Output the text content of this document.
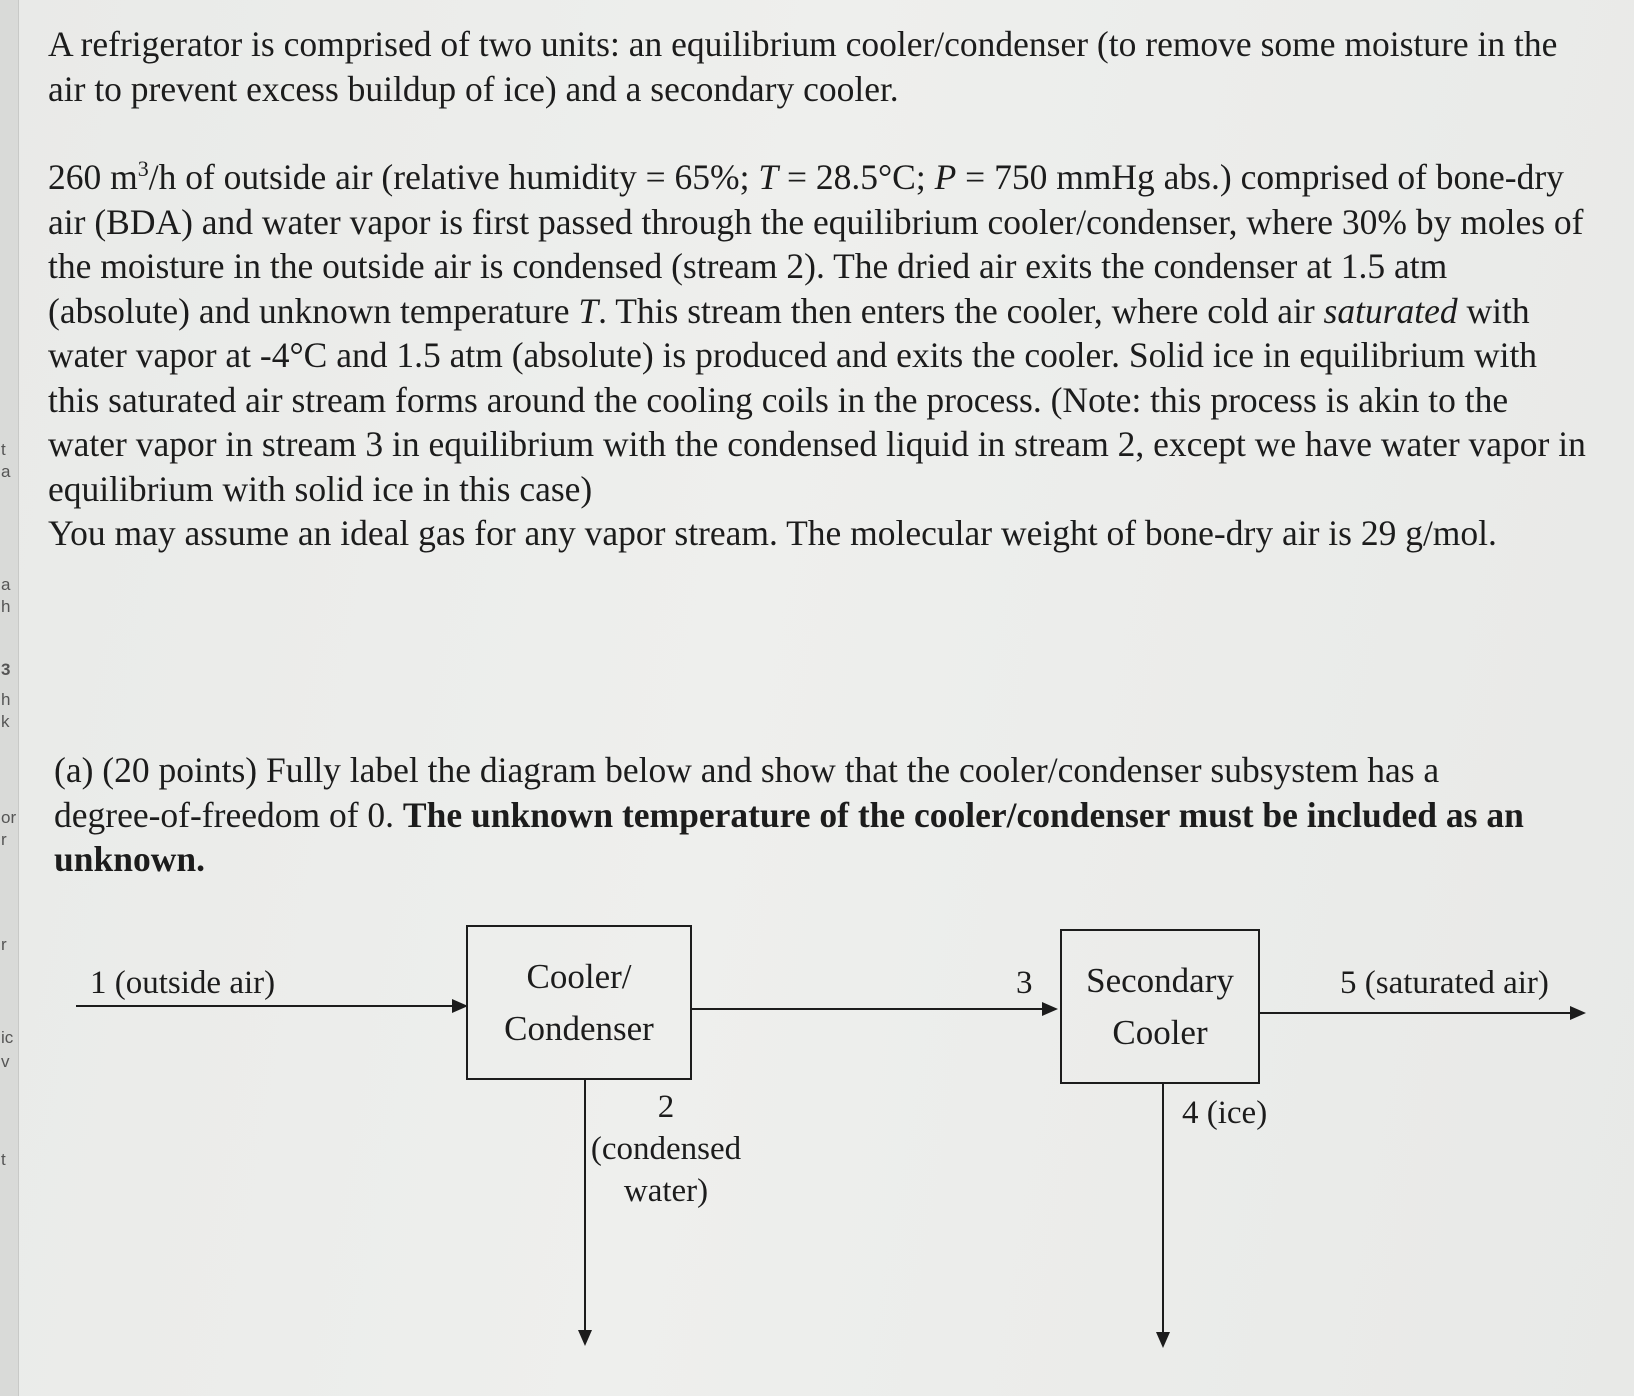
t
a
a
h
3
h
k
or
r
r
ic
v
t

A refrigerator is comprised of two units: an equilibrium cooler/condenser (to remove some moisture in the air to prevent excess buildup of ice) and a secondary cooler.

260 $m^3/h$ of outside air (relative humidity = 65%; T = 28.5°C; P = 750 mmHg abs.) comprised of bone-dry air (BDA) and water vapor is first passed through the equilibrium cooler/condenser, where 30% by moles of the moisture in the outside air is condensed (stream 2). The dried air exits the condenser at 1.5 atm (absolute) and unknown temperature T. This stream then enters the cooler, where cold air saturated with water vapor at -4°C and 1.5 atm (absolute) is produced and exits the cooler. Solid ice in equilibrium with this saturated air stream forms around the cooling coils in the process. (Note: this process is akin to the water vapor in stream 3 in equilibrium with the condensed liquid in stream 2, except we have water vapor in equilibrium with solid ice in this case)

You may assume an ideal gas for any vapor stream. The molecular weight of bone-dry air is 29 g/mol.

(a) (20 points) Fully label the diagram below and show that the cooler/condenser subsystem has a degree-of-freedom of 0. The unknown temperature of the cooler/condenser must be included as an unknown.
1 (outside air)	Cooler/
Condenser
3 Secondary
Cooler
5 (saturated air)
2
(condensed
water)
4 (ice)
